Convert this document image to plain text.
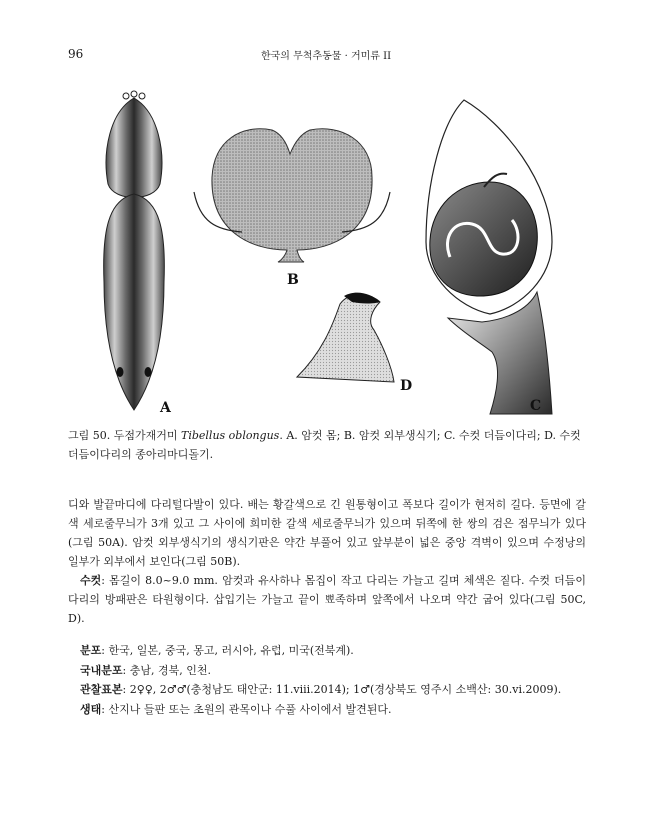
96	한국의 무척추동물 · 거미류 II
A
B
C
D
그림 50. 두점가재거미 Tibellus oblongus. A. 암컷 몸; B. 암컷 외부생식기; C. 수컷 더듬이다리; D. 수컷 더듬이다리의 종아리마디돌기.

디와 발끝마디에 다리털다발이 있다. 배는 황갈색으로 긴 원통형이고 폭보다 길이가 현저히 길다. 등면에 갈색 세로줄무늬가 3개 있고 그 사이에 희미한 갈색 세로줄무늬가 있으며 뒤쪽에 한 쌍의 검은 점무늬가 있다(그림 50A). 암컷 외부생식기의 생식기판은 약간 부풀어 있고 앞부분이 넓은 중앙 격벽이 있으며 수정낭의 일부가 외부에서 보인다(그림 50B).

수컷: 몸길이 8.0~9.0 mm. 암컷과 유사하나 몸집이 작고 다리는 가늘고 길며 체색은 짙다. 수컷 더듬이다리의 방패판은 타원형이다. 삽입기는 가늘고 끝이 뾰족하며 앞쪽에서 나오며 약간 굽어 있다(그림 50C, D).

분포: 한국, 일본, 중국, 몽고, 러시아, 유럽, 미국(전북계).

국내분포: 충남, 경북, 인천.

관찰표본: 2♀♀, 2♂♂(충청남도 태안군: 11.viii.2014); 1♂(경상북도 영주시 소백산: 30.vi.2009).

생태: 산지나 들판 또는 초원의 관목이나 수풀 사이에서 발견된다.
